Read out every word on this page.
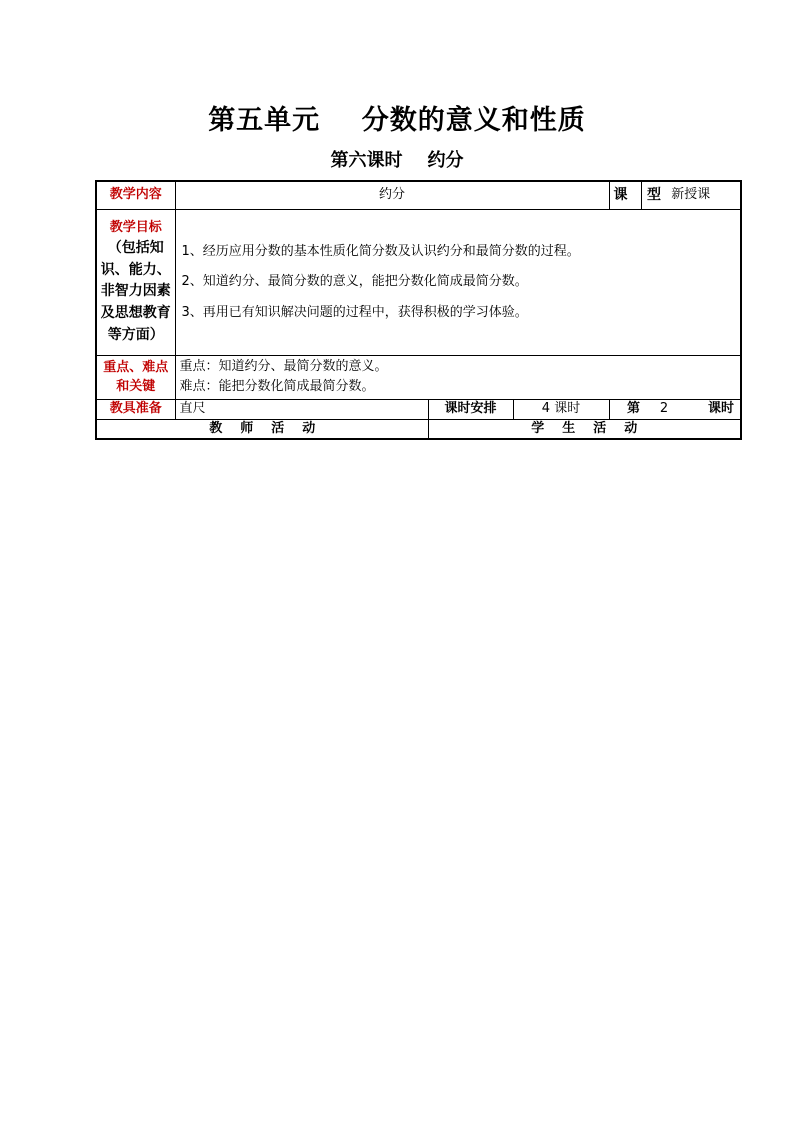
第五单元    分数的意义和性质
第六课时    约分
教学内容	约分			课    型	新授课
教学目标（包括知识、能力、非智力因素及思想教育等方面）	1、经历应用分数的基本性质化简分数及认识约分和最简分数的过程。

2、知道约分、最简分数的意义，能把分数化简成最简分数。

3、再用已有知识解决问题的过程中，获得积极的学习体验。				

重点、难点和关键	重点：知道约分、最简分数的意义。
难点：能把分数化简成最简分数。				

教具准备	直尺	课时安排	4 课时	第 2 课时	
教师活动		学生活动			
